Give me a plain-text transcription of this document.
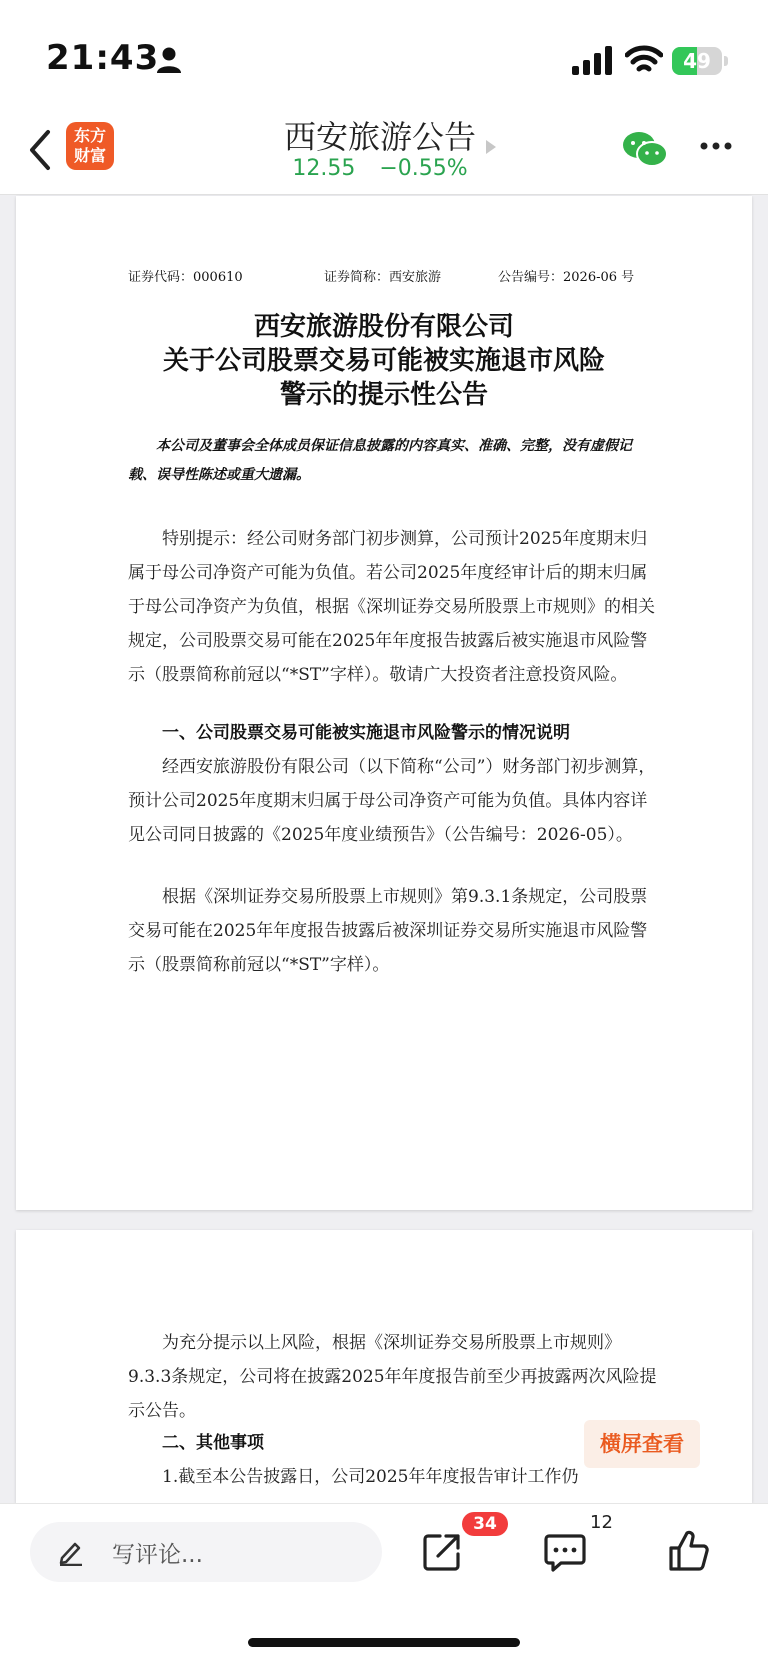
21:43	49
东方
财富	西安旅游公告
12.55 −0.55%
证券代码：000610	证券简称：西安旅游	公告编号：2026-06 号
西安旅游股份有限公司
关于公司股票交易可能被实施退市风险
警示的提示性公告
本公司及董事会全体成员保证信息披露的内容真实、准确、完整，没有虚假记载、误导性陈述或重大遗漏。
特别提示：经公司财务部门初步测算，公司预计2025年度期末归属于母公司净资产可能为负值。若公司2025年度经审计后的期末归属于母公司净资产为负值，根据《深圳证券交易所股票上市规则》的相关规定，公司股票交易可能在2025年年度报告披露后被实施退市风险警示（股票简称前冠以“*ST”字样）。敬请广大投资者注意投资风险。
一、公司股票交易可能被实施退市风险警示的情况说明
经西安旅游股份有限公司（以下简称“公司”）财务部门初步测算，预计公司2025年度期末归属于母公司净资产可能为负值。具体内容详见公司同日披露的《2025年度业绩预告》（公告编号：2026-05）。
根据《深圳证券交易所股票上市规则》第9.3.1条规定，公司股票交易可能在2025年年度报告披露后被深圳证券交易所实施退市风险警示（股票简称前冠以“*ST”字样）。
为充分提示以上风险，根据《深圳证券交易所股票上市规则》9.3.3条规定，公司将在披露2025年年度报告前至少再披露两次风险提示公告。
二、其他事项
1.截至本公告披露日，公司2025年年度报告审计工作仍
横屏查看
写评论...
34	12
